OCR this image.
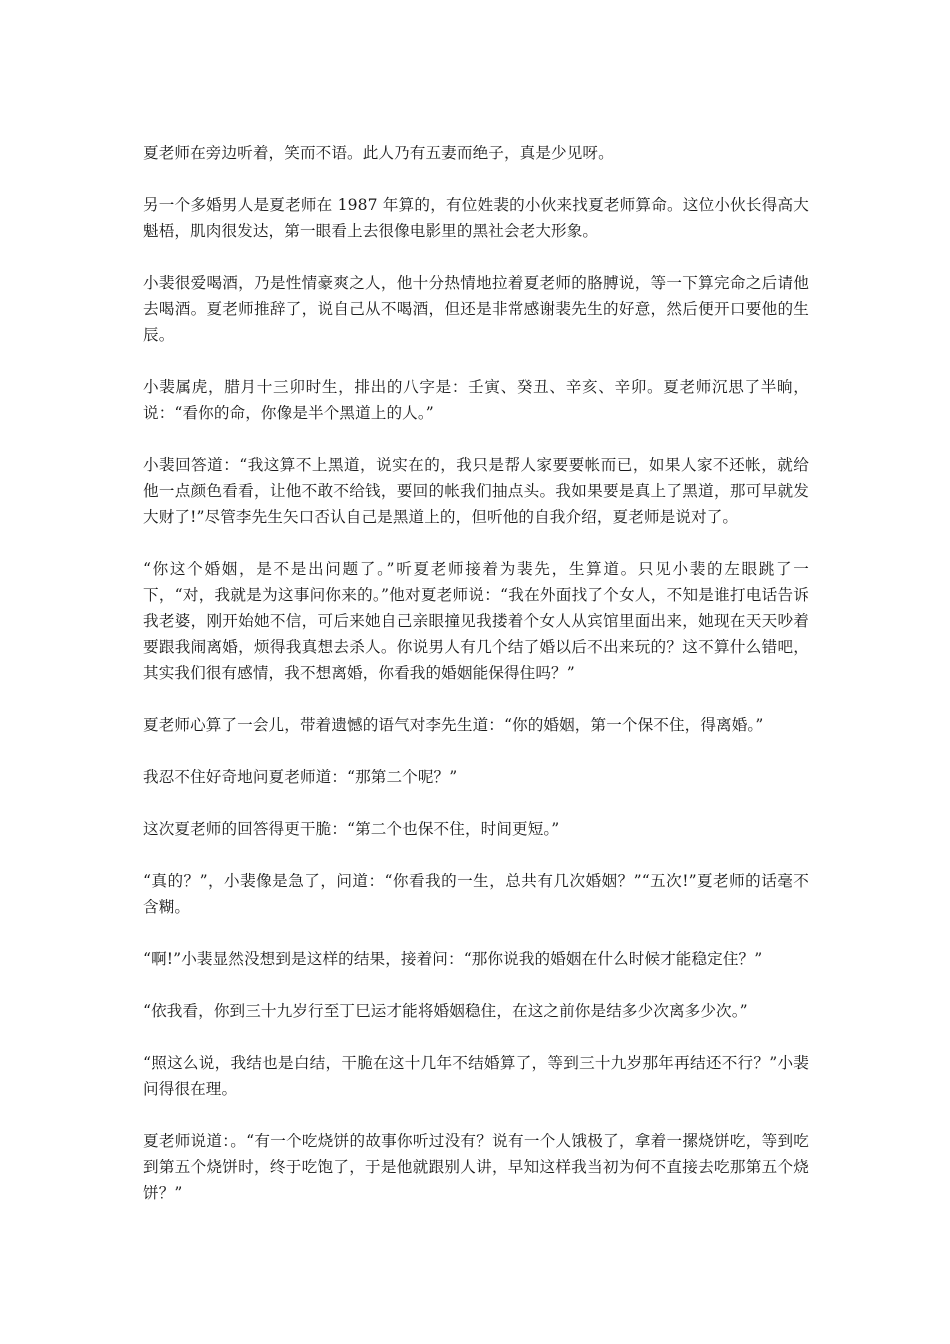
夏老师在旁边听着，笑而不语。此人乃有五妻而绝子，真是少见呀。

另一个多婚男人是夏老师在 1987 年算的，有位姓裴的小伙来找夏老师算命。这位小伙长得高大魁梧，肌肉很发达，第一眼看上去很像电影里的黑社会老大形象。

小裴很爱喝酒，乃是性情豪爽之人，他十分热情地拉着夏老师的胳膊说，等一下算完命之后请他去喝酒。夏老师推辞了，说自己从不喝酒，但还是非常感谢裴先生的好意，然后便开口要他的生辰。

小裴属虎，腊月十三卯时生，排出的八字是：壬寅、癸丑、辛亥、辛卯。夏老师沉思了半晌，说：“看你的命，你像是半个黑道上的人。”

小裴回答道：“我这算不上黑道，说实在的，我只是帮人家要要帐而已，如果人家不还帐，就给他一点颜色看看，让他不敢不给钱，要回的帐我们抽点头。我如果要是真上了黑道，那可早就发大财了!”尽管李先生矢口否认自己是黑道上的，但听他的自我介绍，夏老师是说对了。

“你这个婚姻，是不是出问题了。”听夏老师接着为裴先，生算道。只见小裴的左眼跳了一下，“对，我就是为这事问你来的。”他对夏老师说：“我在外面找了个女人，不知是谁打电话告诉我老婆，刚开始她不信，可后来她自己亲眼撞见我搂着个女人从宾馆里面出来，她现在天天吵着要跟我闹离婚，烦得我真想去杀人。你说男人有几个结了婚以后不出来玩的？这不算什么错吧，其实我们很有感情，我不想离婚，你看我的婚姻能保得住吗？”

夏老师心算了一会儿，带着遗憾的语气对李先生道：“你的婚姻，第一个保不住，得离婚。”

我忍不住好奇地问夏老师道：“那第二个呢？”

这次夏老师的回答得更干脆：“第二个也保不住，时间更短。”

“真的？”，小裴像是急了，问道：“你看我的一生，总共有几次婚姻？”“五次!”夏老师的话毫不含糊。

“啊!”小裴显然没想到是这样的结果，接着问：“那你说我的婚姻在什么时候才能稳定住？”

“依我看，你到三十九岁行至丁巳运才能将婚姻稳住，在这之前你是结多少次离多少次。”

“照这么说，我结也是白结，干脆在这十几年不结婚算了，等到三十九岁那年再结还不行？”小裴问得很在理。

夏老师说道：。“有一个吃烧饼的故事你听过没有？说有一个人饿极了，拿着一摞烧饼吃，等到吃到第五个烧饼时，终于吃饱了，于是他就跟别人讲，早知这样我当初为何不直接去吃那第五个烧饼？”
